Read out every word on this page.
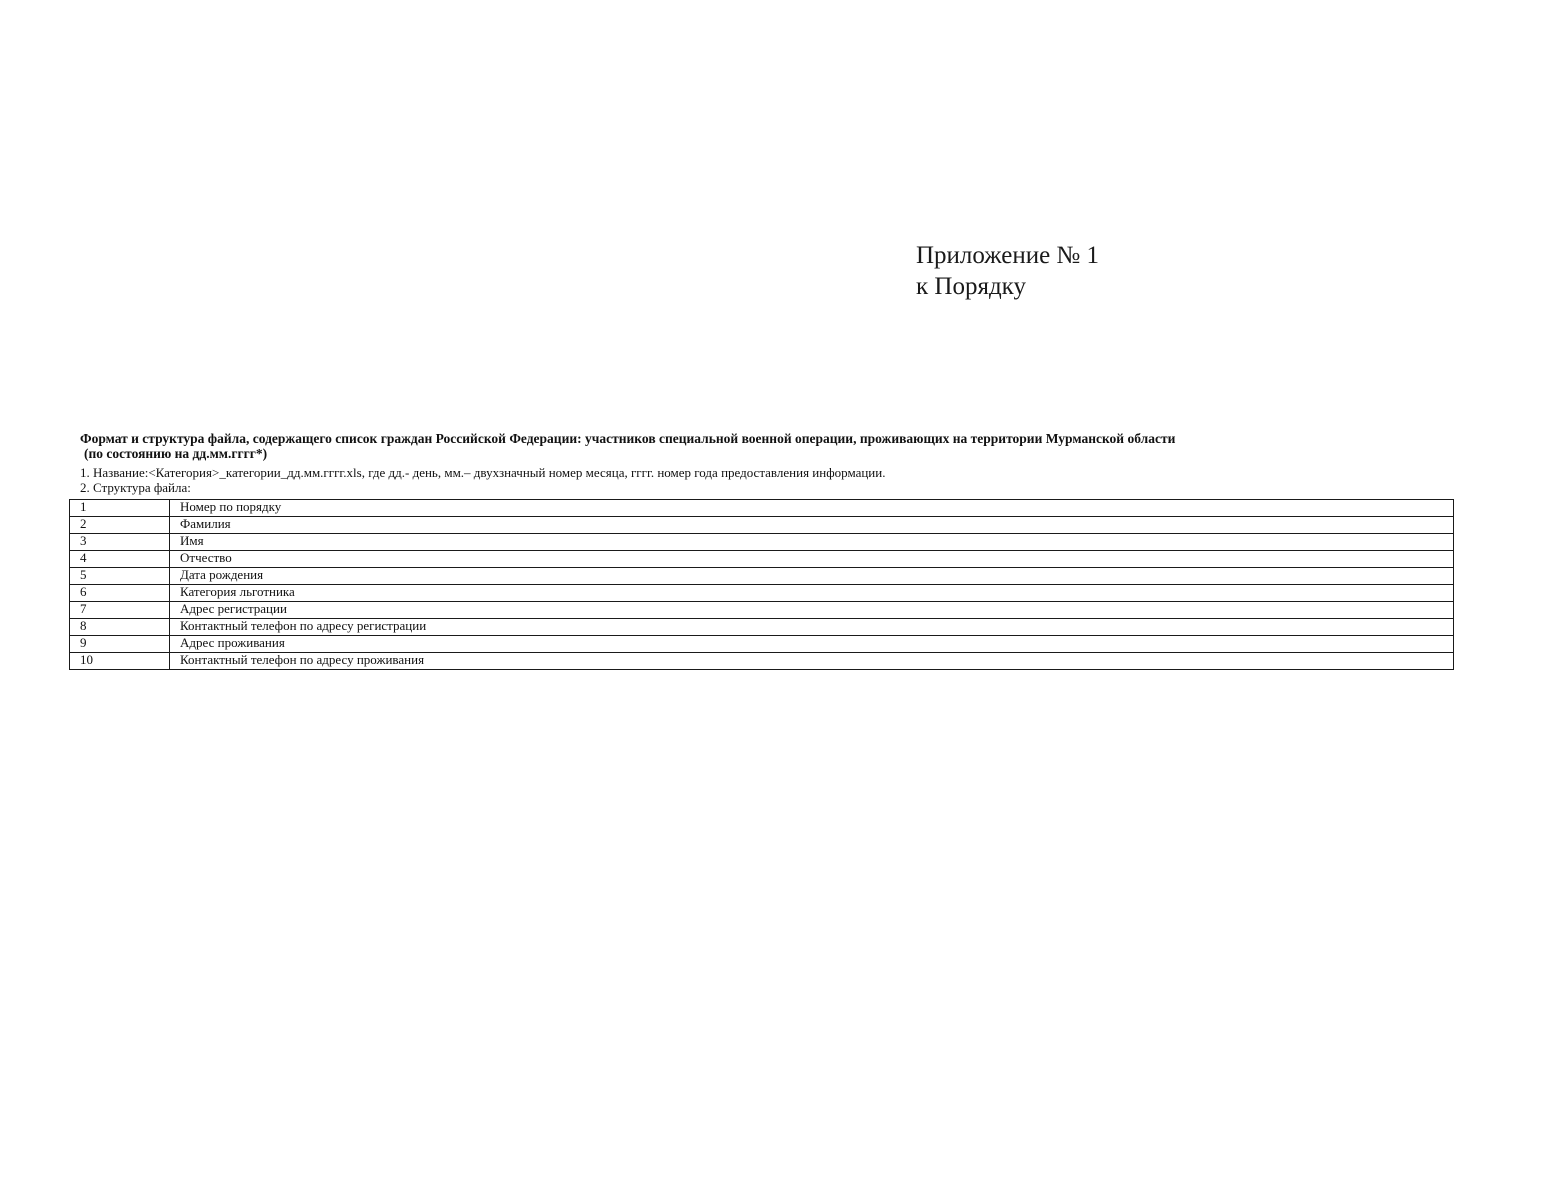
Приложение № 1
к Порядку
Формат и структура файла, содержащего список граждан Российской Федерации: участников специальной военной операции, проживающих на территории Мурманской области
(по состоянию на дд.мм.гггг*)
1. Название:<Категория>_категории_дд.мм.гггг.xls, где дд.- день, мм.– двухзначный номер месяца, гггг. номер года предоставления информации.
2. Структура файла:
1	Номер по порядку
2	Фамилия
3	Имя
4	Отчество
5	Дата рождения
6	Категория льготника
7	Адрес регистрации
8	Контактный телефон по адресу регистрации
9	Адрес проживания
10	Контактный телефон по адресу проживания
